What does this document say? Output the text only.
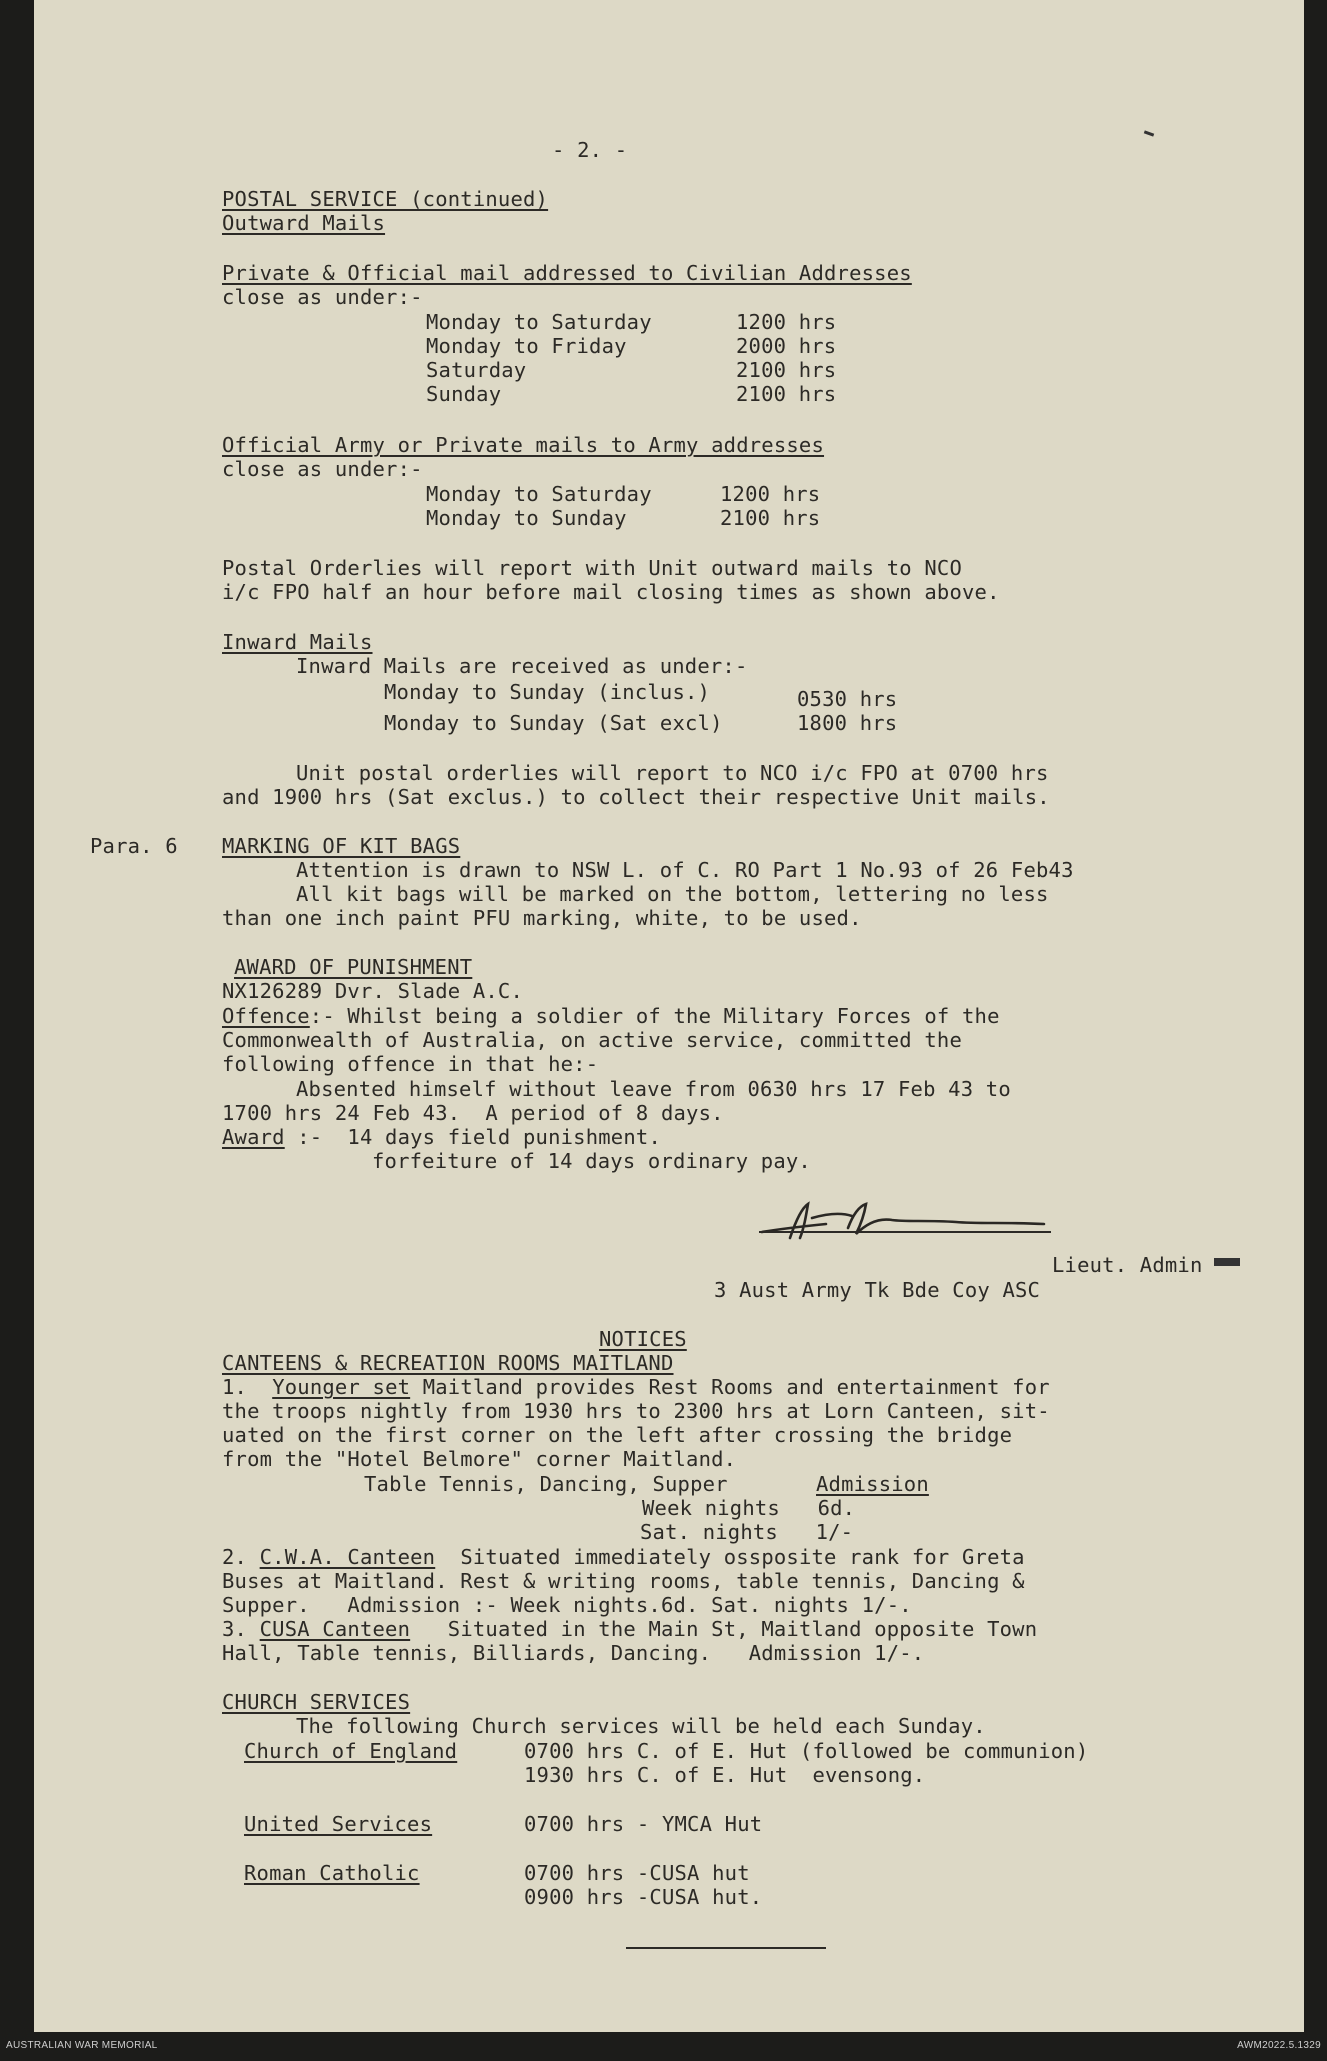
- 2. -
POSTAL SERVICE (continued)
Outward Mails
Private & Official mail addressed to Civilian Addresses
close as under:-
Monday to Saturday	1200 hrs
Monday to Friday	2000 hrs
Saturday	2100 hrs
Sunday	2100 hrs
Official Army or Private mails to Army addresses
close as under:-
Monday to Saturday	1200 hrs
Monday to Sunday	2100 hrs
Postal Orderlies will report with Unit outward mails to NCO
i/c FPO half an hour before mail closing times as shown above.
Inward Mails
Inward Mails are received as under:-
Monday to Sunday (inclus.)	0530 hrs
Monday to Sunday (Sat excl)	1800 hrs
Unit postal orderlies will report to NCO i/c FPO at 0700 hrs
and 1900 hrs (Sat exclus.) to collect their respective Unit mails.
Para. 6 MARKING OF KIT BAGS
Attention is drawn to NSW L. of C. RO Part 1 No.93 of 26 Feb43
All kit bags will be marked on the bottom, lettering no less
than one inch paint PFU marking, white, to be used.
AWARD OF PUNISHMENT
NX126289 Dvr. Slade A.C.
Offence:- Whilst being a soldier of the Military Forces of the
Commonwealth of Australia, on active service, committed the
following offence in that he:-
Absented himself without leave from 0630 hrs 17 Feb 43 to
1700 hrs 24 Feb 43.  A period of 8 days.
Award :-  14 days field punishment.
forfeiture of 14 days ordinary pay.
Lieut. Admin
3 Aust Army Tk Bde Coy ASC
NOTICES
CANTEENS & RECREATION ROOMS MAITLAND
1. Younger set Maitland provides Rest Rooms and entertainment for
the troops nightly from 1930 hrs to 2300 hrs at Lorn Canteen, sit-
uated on the first corner on the left after crossing the bridge
from the "Hotel Belmore" corner Maitland.
Table Tennis, Dancing, Supper	Admission
Week nights   6d.
Sat. nights   1/-
2. C.W.A. Canteen  Situated immediately ossposite rank for Greta
Buses at Maitland. Rest & writing rooms, table tennis, Dancing &
Supper.   Admission :- Week nights.6d. Sat. nights 1/-.
3. CUSA Canteen   Situated in the Main St, Maitland opposite Town
Hall, Table tennis, Billiards, Dancing.   Admission 1/-.
CHURCH SERVICES
The following Church services will be held each Sunday.
Church of England	0700 hrs C. of E. Hut (followed be communion)
1930 hrs C. of E. Hut  evensong.
United Services	0700 hrs - YMCA Hut
Roman Catholic	0700 hrs -CUSA hut
0900 hrs -CUSA hut.
AUSTRALIAN WAR MEMORIAL	AWM2022.5.1329
